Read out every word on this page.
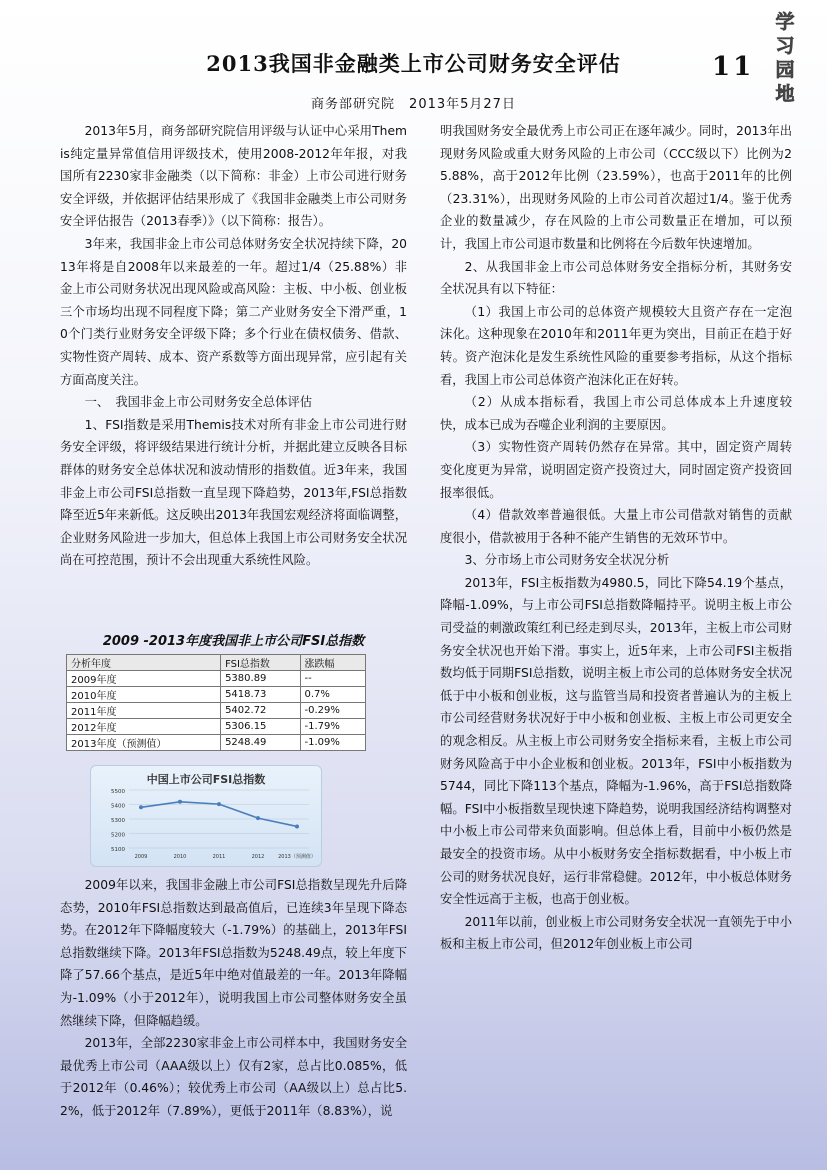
2013我国非金融类上市公司财务安全评估
商务部研究院　2013年5月27日
11
学
习
园
地

2013年5月，商务部研究院信用评级与认证中心采用Themis纯定量异常值信用评级技术，使用2008-2012年年报，对我国所有2230家非金融类（以下简称：非金）上市公司进行财务安全评级，并依据评估结果形成了《我国非金融类上市公司财务安全评估报告（2013春季）》（以下简称：报告）。

3年来，我国非金上市公司总体财务安全状况持续下降，2013年将是自2008年以来最差的一年。超过1/4（25.88%）非金上市公司财务状况出现风险或高风险：主板、中小板、创业板三个市场均出现不同程度下降；第二产业财务安全下滑严重，10个门类行业财务安全评级下降；多个行业在债权债务、借款、实物性资产周转、成本、资产系数等方面出现异常，应引起有关方面高度关注。

一、　我国非金上市公司财务安全总体评估

1、FSI指数是采用Themis技术对所有非金上市公司进行财务安全评级，将评级结果进行统计分析，并据此建立反映各目标群体的财务安全总体状况和波动情形的指数值。近3年来，我国非金上市公司FSI总指数一直呈现下降趋势，2013年,FSI总指数降至近5年来新低。这反映出2013年我国宏观经济将面临调整，企业财务风险进一步加大，但总体上我国上市公司财务安全状况尚在可控范围，预计不会出现重大系统性风险。

2009 -2013年度我国非上市公司FSI总指数
分析年度	FSI总指数	涨跌幅
2009年度	5380.89	--
2010年度	5418.73	0.7%
2011年度	5402.72	-0.29%
2012年度	5306.15	-1.79%
2013年度（预测值）	5248.49	-1.09%
中国上市公司FSI总指数
5100
5200
5300
5400
5500
2009	2010	2011	2012	2013（预测值）

2009年以来，我国非金融上市公司FSI总指数呈现先升后降态势，2010年FSI总指数达到最高值后，已连续3年呈现下降态势。在2012年下降幅度较大（-1.79%）的基础上，2013年FSI总指数继续下降。2013年FSI总指数为5248.49点，较上年度下降了57.66个基点，是近5年中绝对值最差的一年。2013年降幅为-1.09%（小于2012年），说明我国上市公司整体财务安全虽然继续下降，但降幅趋缓。

2013年，全部2230家非金上市公司样本中，我国财务安全最优秀上市公司（AAA级以上）仅有2家，总占比0.085%，低于2012年（0.46%）；较优秀上市公司（AA级以上）总占比5.2%，低于2012年（7.89%），更低于2011年（8.83%），说

明我国财务安全最优秀上市公司正在逐年减少。同时，2013年出现财务风险或重大财务风险的上市公司（CCC级以下）比例为25.88%，高于2012年比例（23.59%），也高于2011年的比例（23.31%），出现财务风险的上市公司首次超过1/4。鉴于优秀企业的数量减少，存在风险的上市公司数量正在增加，可以预计，我国上市公司退市数量和比例将在今后数年快速增加。

2、从我国非金上市公司总体财务安全指标分析，其财务安全状况具有以下特征：

（1）我国上市公司的总体资产规模较大且资产存在一定泡沫化。这种现象在2010年和2011年更为突出，目前正在趋于好转。资产泡沫化是发生系统性风险的重要参考指标，从这个指标看，我国上市公司总体资产泡沫化正在好转。

（2）从成本指标看，我国上市公司总体成本上升速度较快，成本已成为吞噬企业利润的主要原因。

（3）实物性资产周转仍然存在异常。其中，固定资产周转变化度更为异常，说明固定资产投资过大，同时固定资产投资回报率很低。

（4）借款效率普遍很低。大量上市公司借款对销售的贡献度很小，借款被用于各种不能产生销售的无效环节中。

3、分市场上市公司财务安全状况分析

2013年，FSI主板指数为4980.5，同比下降54.19个基点，降幅-1.09%，与上市公司FSI总指数降幅持平。说明主板上市公司受益的刺激政策红利已经走到尽头，2013年，主板上市公司财务安全状况也开始下滑。事实上，近5年来，上市公司FSI主板指数均低于同期FSI总指数，说明主板上市公司的总体财务安全状况低于中小板和创业板，这与监管当局和投资者普遍认为的主板上市公司经营财务状况好于中小板和创业板、主板上市公司更安全的观念相反。从主板上市公司财务安全指标来看，主板上市公司财务风险高于中小企业板和创业板。2013年，FSI中小板指数为5744，同比下降113个基点，降幅为-1.96%，高于FSI总指数降幅。FSI中小板指数呈现快速下降趋势，说明我国经济结构调整对中小板上市公司带来负面影响。但总体上看，目前中小板仍然是最安全的投资市场。从中小板财务安全指标数据看，中小板上市公司的财务状况良好，运行非常稳健。2012年，中小板总体财务安全性远高于主板，也高于创业板。

2011年以前，创业板上市公司财务安全状况一直领先于中小板和主板上市公司，但2012年创业板上市公司
